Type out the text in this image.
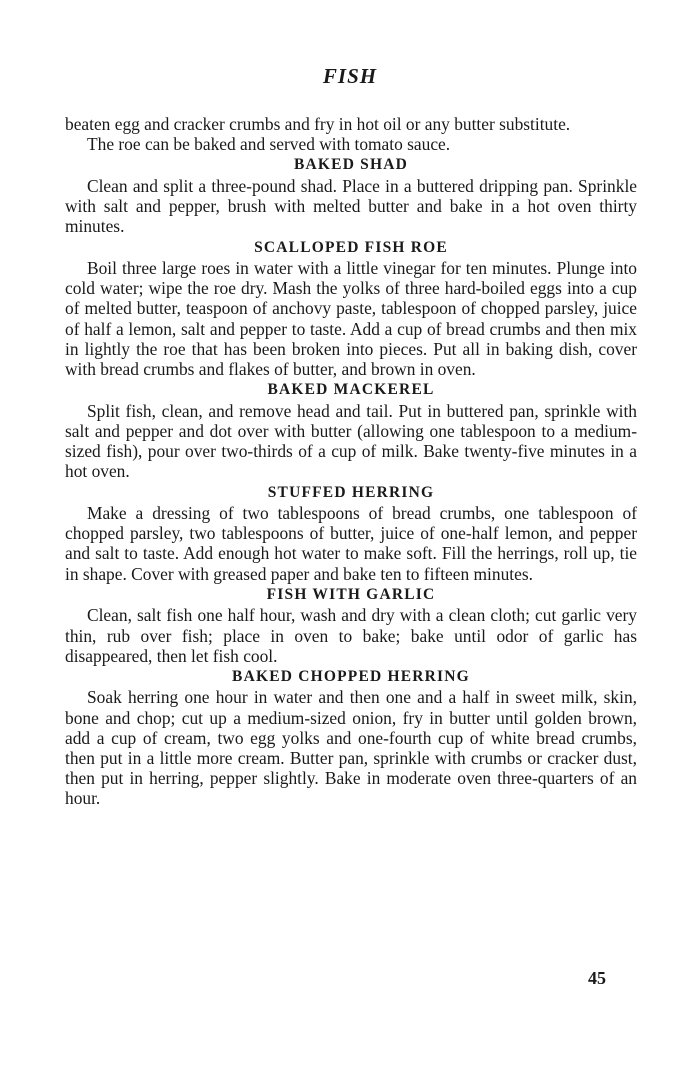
FISH

beaten egg and cracker crumbs and fry in hot oil or any butter substitute.

The roe can be baked and served with tomato sauce.

BAKED SHAD

Clean and split a three-pound shad. Place in a buttered dripping pan. Sprinkle with salt and pepper, brush with melted butter and bake in a hot oven thirty minutes.

SCALLOPED FISH ROE

Boil three large roes in water with a little vinegar for ten minutes. Plunge into cold water; wipe the roe dry. Mash the yolks of three hard-boiled eggs into a cup of melted butter, teaspoon of anchovy paste, tablespoon of chopped parsley, juice of half a lemon, salt and pepper to taste. Add a cup of bread crumbs and then mix in lightly the roe that has been broken into pieces. Put all in baking dish, cover with bread crumbs and flakes of butter, and brown in oven.

BAKED MACKEREL

Split fish, clean, and remove head and tail. Put in buttered pan, sprinkle with salt and pepper and dot over with butter (allowing one tablespoon to a medium-sized fish), pour over two-thirds of a cup of milk. Bake twenty-five minutes in a hot oven.

STUFFED HERRING

Make a dressing of two tablespoons of bread crumbs, one tablespoon of chopped parsley, two tablespoons of butter, juice of one-half lemon, and pepper and salt to taste. Add enough hot water to make soft. Fill the herrings, roll up, tie in shape. Cover with greased paper and bake ten to fifteen minutes.

FISH WITH GARLIC

Clean, salt fish one half hour, wash and dry with a clean cloth; cut garlic very thin, rub over fish; place in oven to bake; bake until odor of garlic has disappeared, then let fish cool.

BAKED CHOPPED HERRING

Soak herring one hour in water and then one and a half in sweet milk, skin, bone and chop; cut up a medium-sized onion, fry in butter until golden brown, add a cup of cream, two egg yolks and one-fourth cup of white bread crumbs, then put in a little more cream. Butter pan, sprinkle with crumbs or cracker dust, then put in herring, pepper slightly. Bake in moderate oven three-quarters of an hour.

45
